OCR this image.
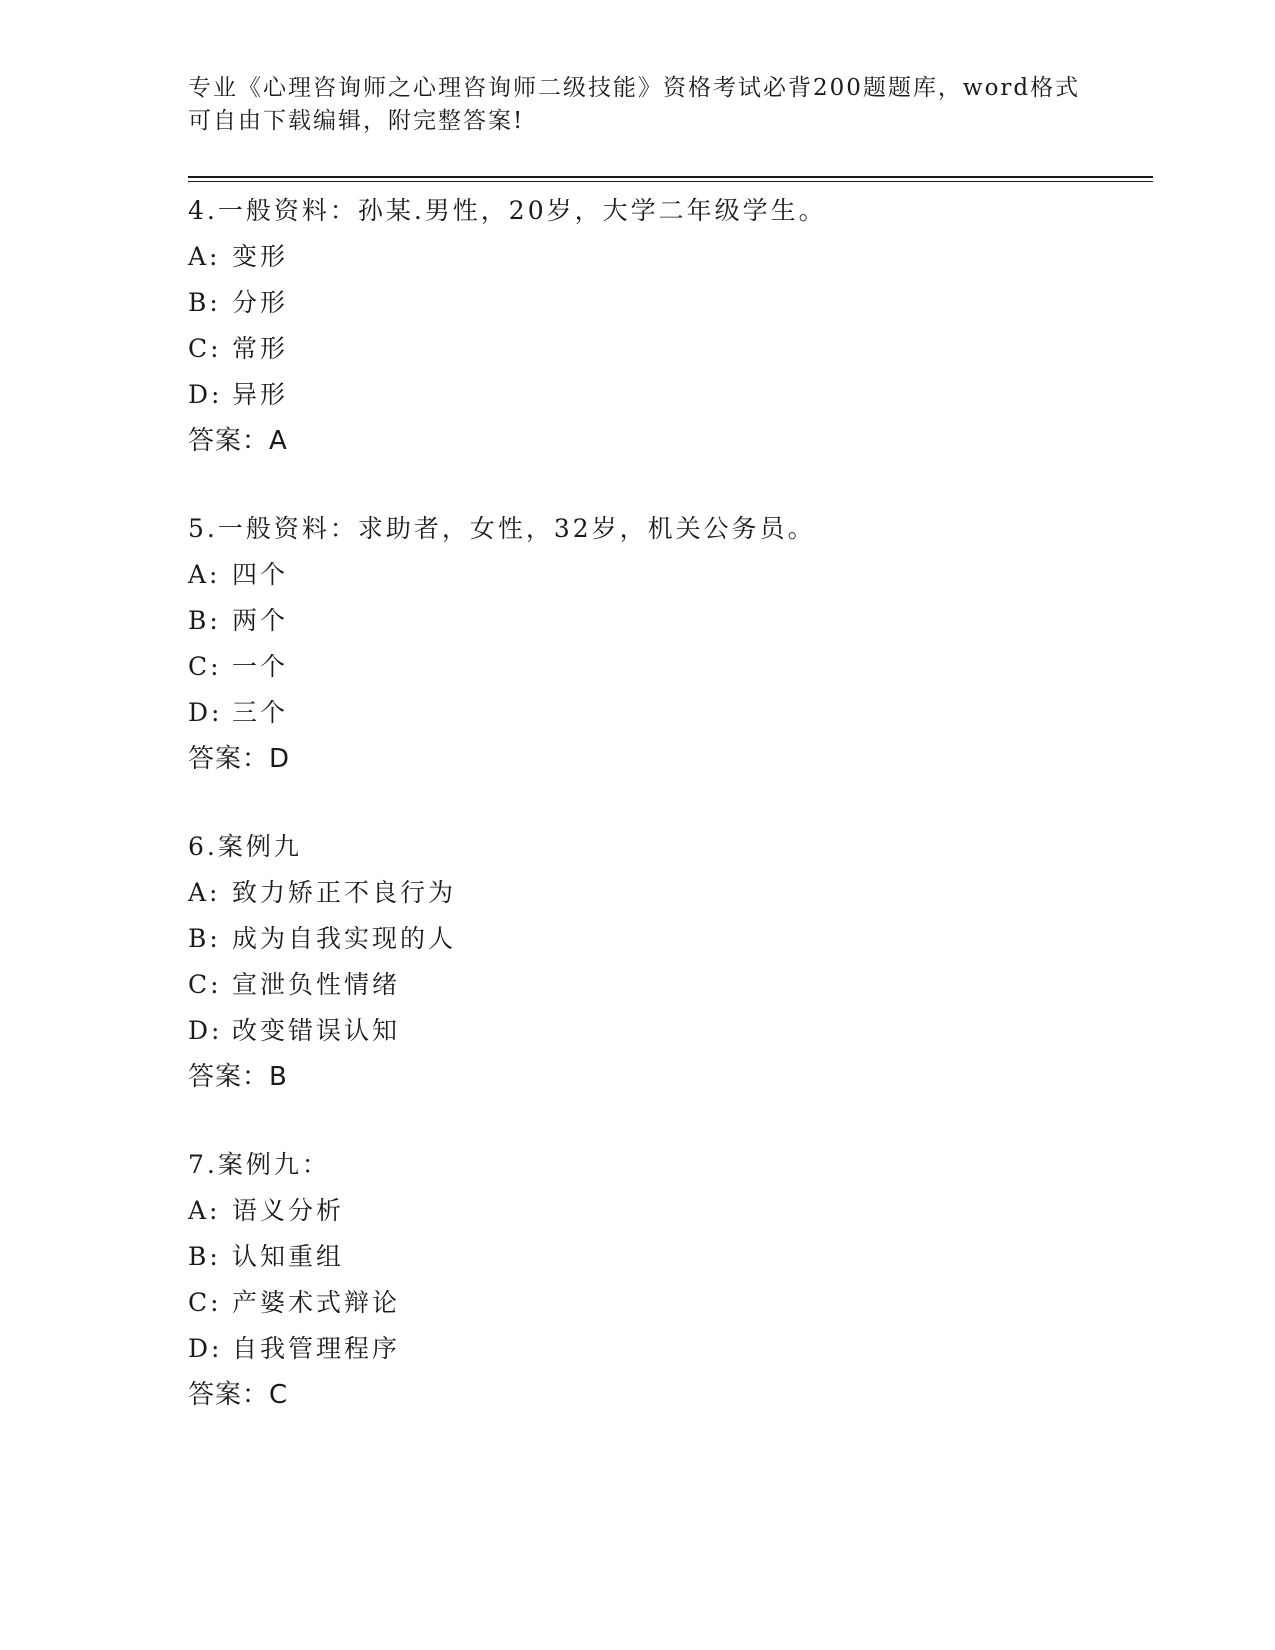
专业《心理咨询师之心理咨询师二级技能》资格考试必背200题题库，word格式
可自由下载编辑，附完整答案!
4.一般资料：孙某.男性，20岁，大学二年级学生。
A: 变形
B: 分形
C: 常形
D: 异形
答案：A
5.一般资料：求助者，女性，32岁，机关公务员。
A: 四个
B: 两个
C: 一个
D: 三个
答案：D
6.案例九
A: 致力矫正不良行为
B: 成为自我实现的人
C: 宣泄负性情绪
D: 改变错误认知
答案：B
7.案例九：
A: 语义分析
B: 认知重组
C: 产婆术式辩论
D: 自我管理程序
答案：C
